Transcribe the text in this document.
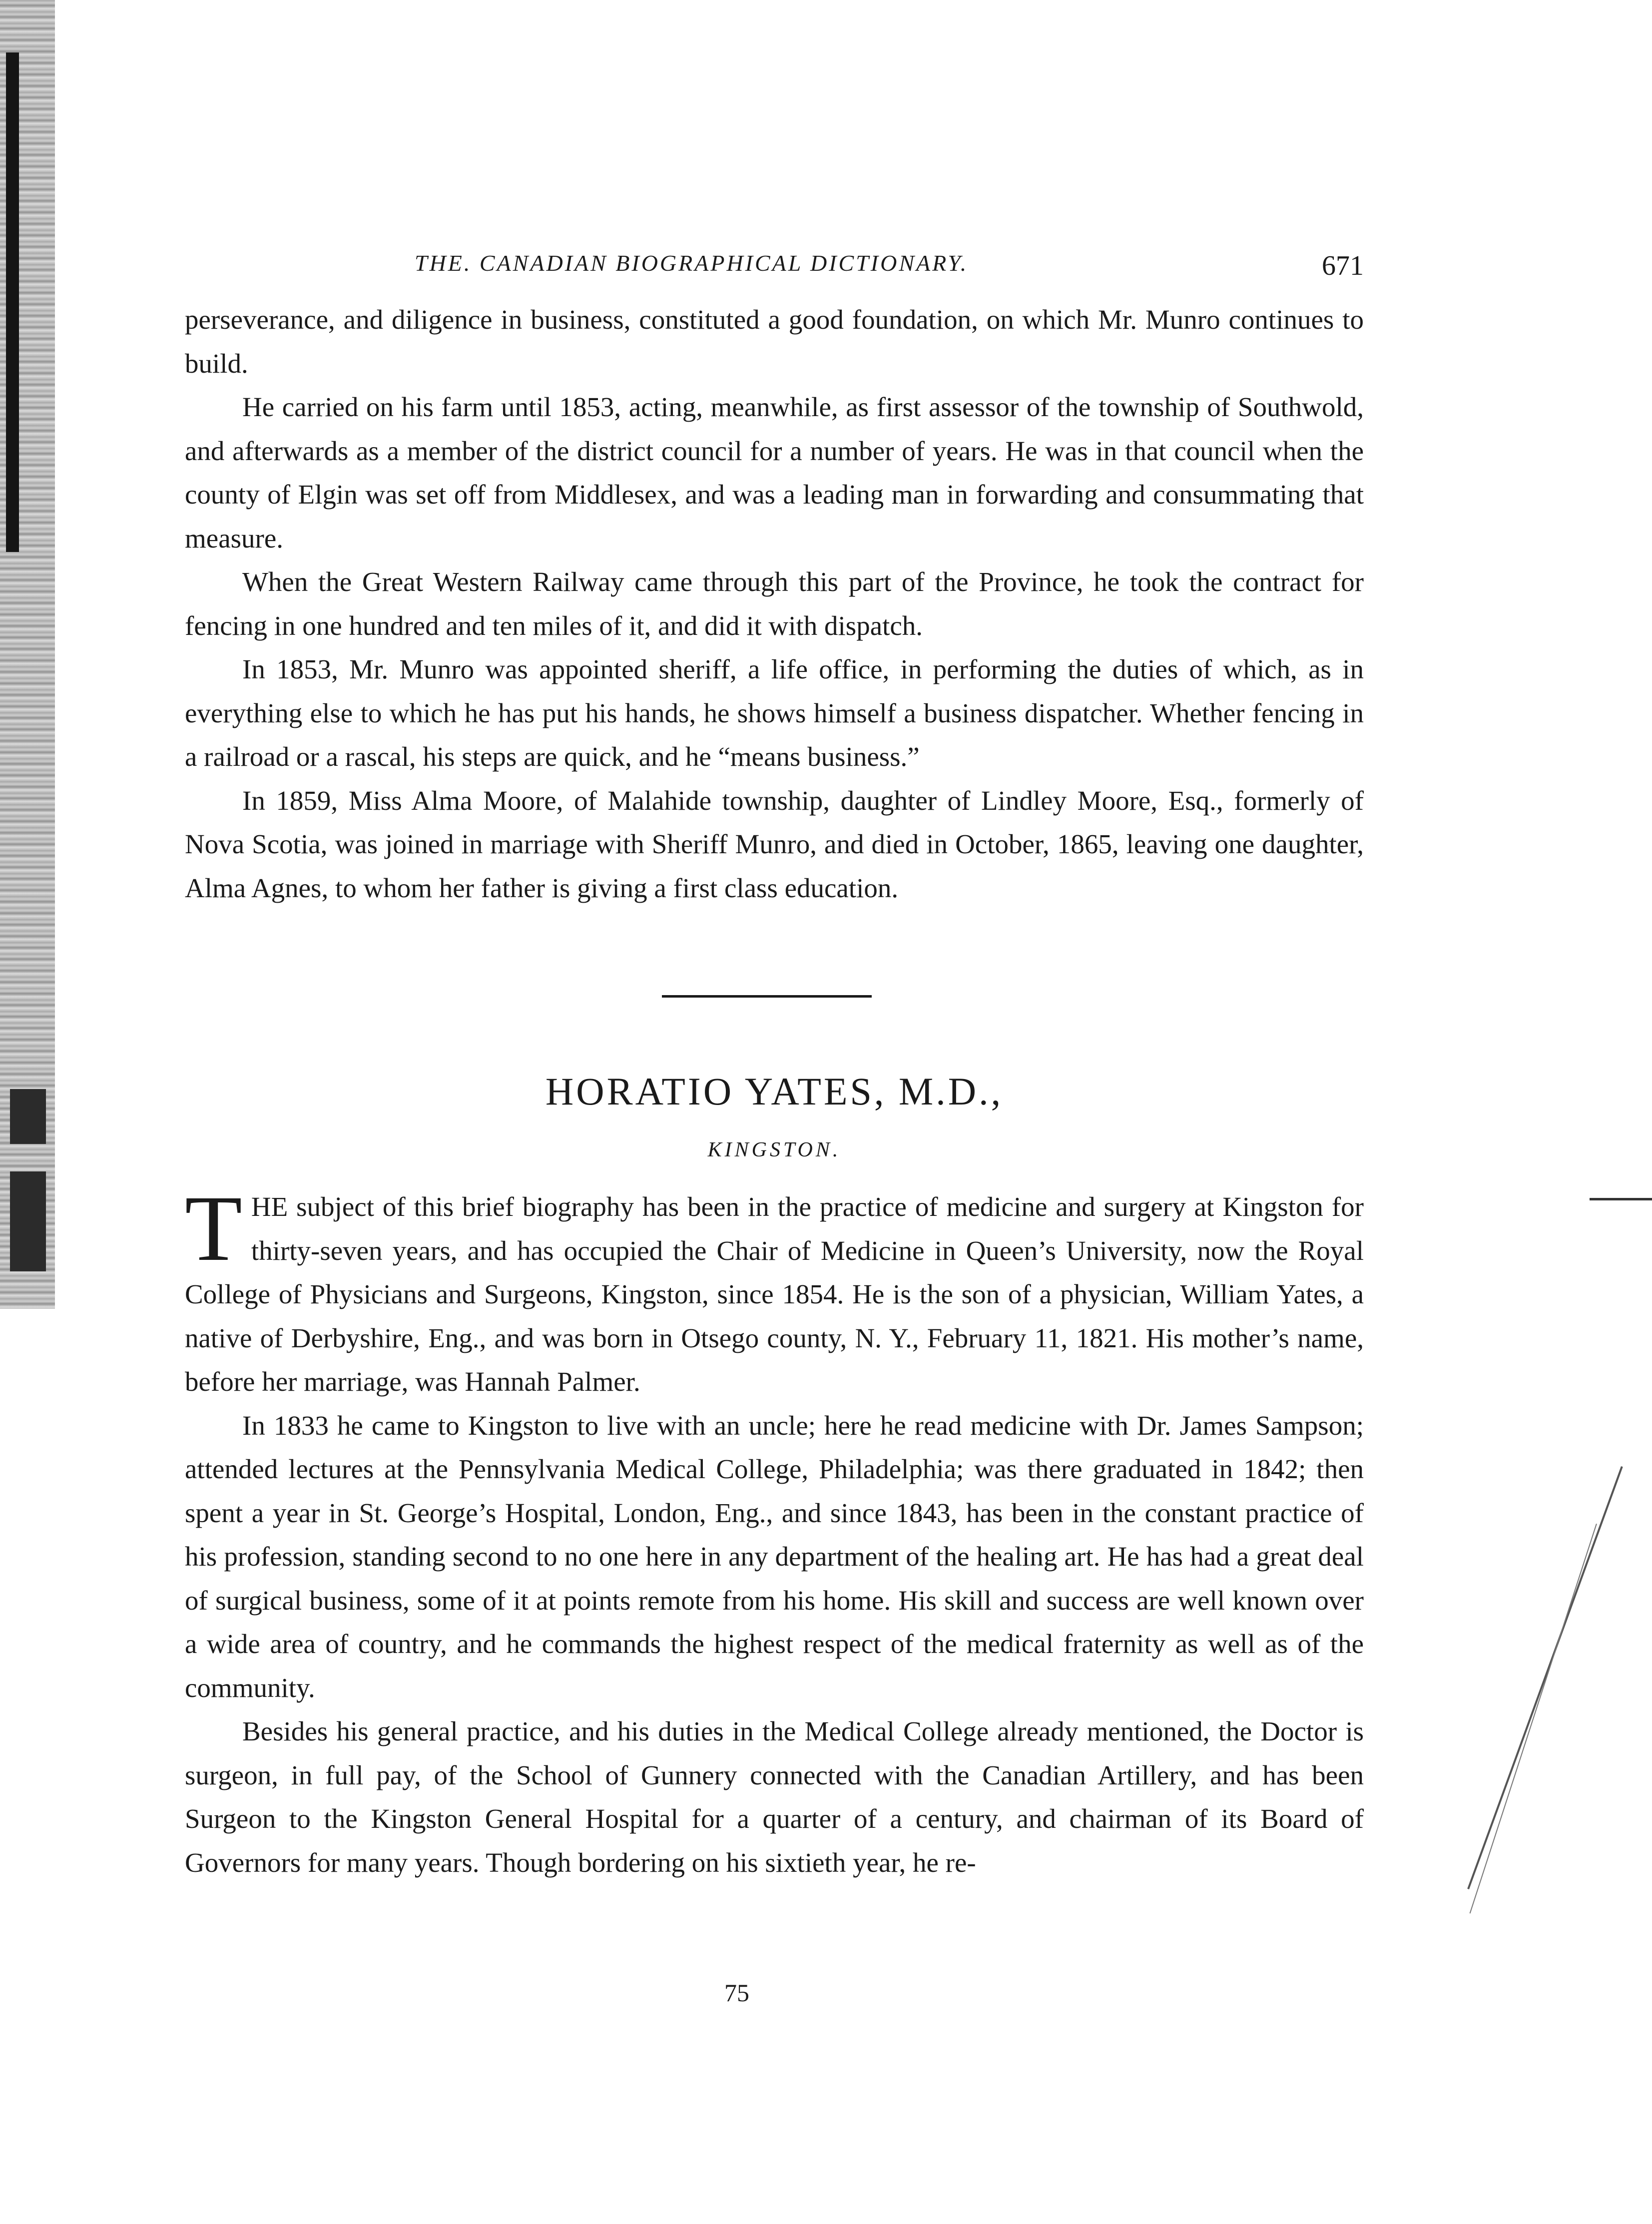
THE. CANADIAN BIOGRAPHICAL DICTIONARY.	671

perseverance, and diligence in business, constituted a good foundation, on which Mr. Munro continues to build.

He carried on his farm until 1853, acting, meanwhile, as first assessor of the township of Southwold, and afterwards as a member of the district council for a number of years. He was in that council when the county of Elgin was set off from Middlesex, and was a leading man in forwarding and consummating that measure.

When the Great Western Railway came through this part of the Province, he took the contract for fencing in one hundred and ten miles of it, and did it with dispatch.

In 1853, Mr. Munro was appointed sheriff, a life office, in performing the duties of which, as in everything else to which he has put his hands, he shows himself a business dispatcher. Whether fencing in a railroad or a rascal, his steps are quick, and he “means business.”

In 1859, Miss Alma Moore, of Malahide township, daughter of Lindley Moore, Esq., formerly of Nova Scotia, was joined in marriage with Sheriff Munro, and died in October, 1865, leaving one daughter, Alma Agnes, to whom her father is giving a first class education.

HORATIO YATES, M.D.,
KINGSTON.

THE subject of this brief biography has been in the practice of medicine and surgery at Kingston for thirty-seven years, and has occupied the Chair of Medicine in Queen’s University, now the Royal College of Physicians and Surgeons, Kingston, since 1854. He is the son of a physician, William Yates, a native of Derbyshire, Eng., and was born in Otsego county, N. Y., February 11, 1821. His mother’s name, before her marriage, was Hannah Palmer.

In 1833 he came to Kingston to live with an uncle; here he read medicine with Dr. James Sampson; attended lectures at the Pennsylvania Medical College, Philadelphia; was there graduated in 1842; then spent a year in St. George’s Hospital, London, Eng., and since 1843, has been in the constant practice of his profession, standing second to no one here in any department of the healing art. He has had a great deal of surgical business, some of it at points remote from his home. His skill and success are well known over a wide area of country, and he commands the highest respect of the medical fraternity as well as of the community.

Besides his general practice, and his duties in the Medical College already mentioned, the Doctor is surgeon, in full pay, of the School of Gunnery connected with the Canadian Artillery, and has been Surgeon to the Kingston General Hospital for a quarter of a century, and chairman of its Board of Governors for many years. Though bordering on his sixtieth year, he re-

75
